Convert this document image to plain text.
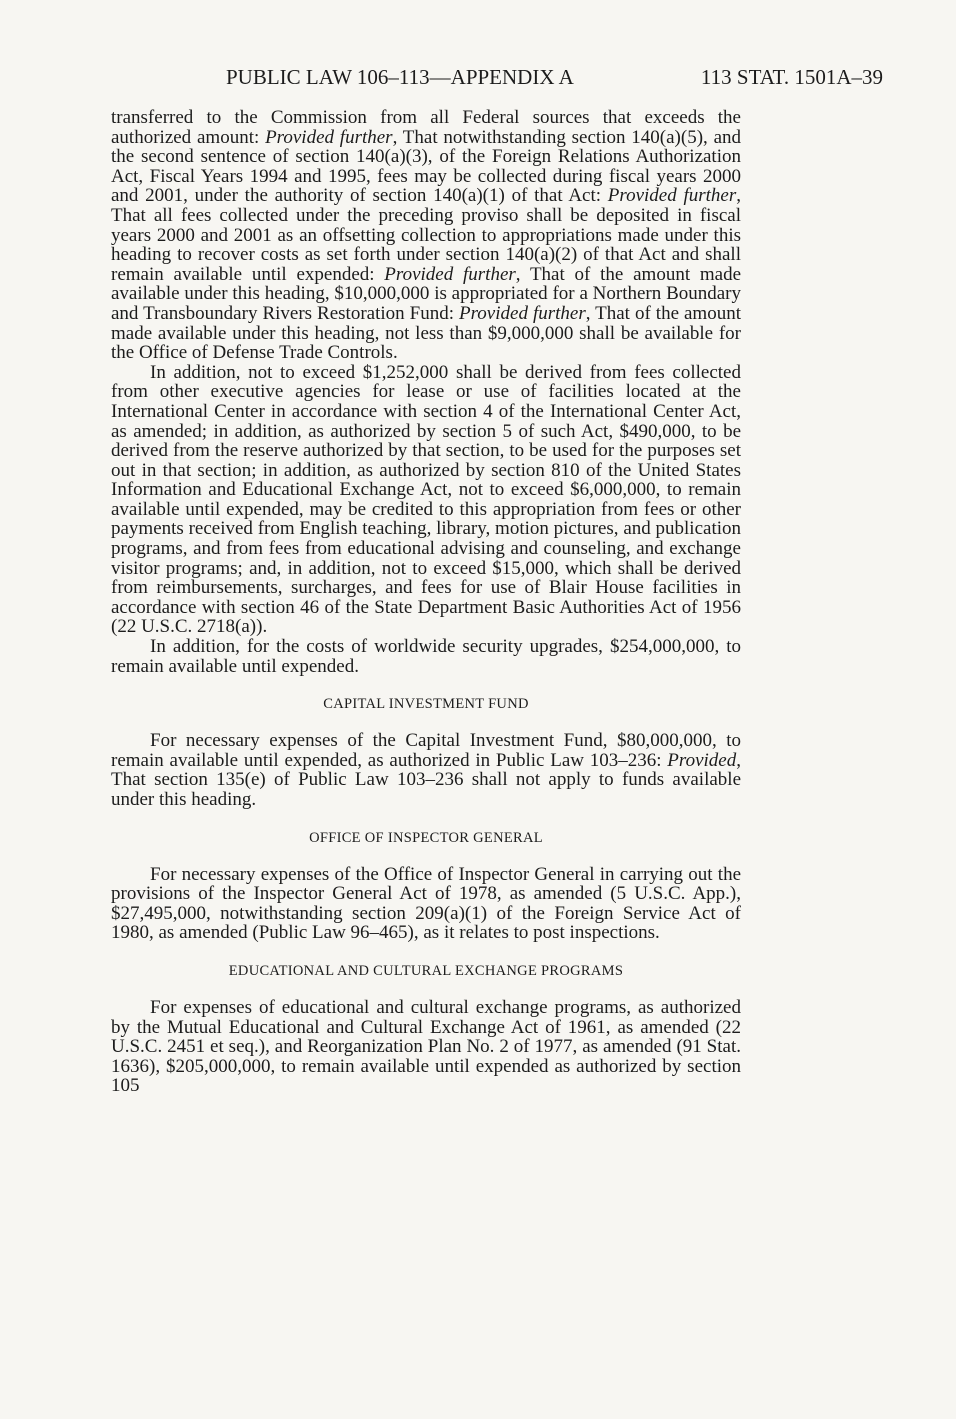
PUBLIC LAW 106–113—APPENDIX A	113 STAT. 1501A–39

transferred to the Commission from all Federal sources that exceeds the authorized amount: Provided further, That notwithstanding section 140(a)(5), and the second sentence of section 140(a)(3), of the Foreign Relations Authorization Act, Fiscal Years 1994 and 1995, fees may be collected during fiscal years 2000 and 2001, under the authority of section 140(a)(1) of that Act: Provided further, That all fees collected under the preceding proviso shall be deposited in fiscal years 2000 and 2001 as an offsetting collection to appropriations made under this heading to recover costs as set forth under section 140(a)(2) of that Act and shall remain available until expended: Provided further, That of the amount made available under this heading, $10,000,000 is appropriated for a Northern Boundary and Transboundary Rivers Restoration Fund: Provided further, That of the amount made available under this heading, not less than $9,000,000 shall be available for the Office of Defense Trade Controls.

In addition, not to exceed $1,252,000 shall be derived from fees collected from other executive agencies for lease or use of facilities located at the International Center in accordance with section 4 of the International Center Act, as amended; in addition, as authorized by section 5 of such Act, $490,000, to be derived from the reserve authorized by that section, to be used for the purposes set out in that section; in addition, as authorized by section 810 of the United States Information and Educational Exchange Act, not to exceed $6,000,000, to remain available until expended, may be credited to this appropriation from fees or other payments received from English teaching, library, motion pictures, and publication programs, and from fees from educational advising and counseling, and exchange visitor programs; and, in addition, not to exceed $15,000, which shall be derived from reimbursements, surcharges, and fees for use of Blair House facilities in accordance with section 46 of the State Department Basic Authorities Act of 1956 (22 U.S.C. 2718(a)).

In addition, for the costs of worldwide security upgrades, $254,000,000, to remain available until expended.

CAPITAL INVESTMENT FUND

For necessary expenses of the Capital Investment Fund, $80,000,000, to remain available until expended, as authorized in Public Law 103–236: Provided, That section 135(e) of Public Law 103–236 shall not apply to funds available under this heading.

OFFICE OF INSPECTOR GENERAL

For necessary expenses of the Office of Inspector General in carrying out the provisions of the Inspector General Act of 1978, as amended (5 U.S.C. App.), $27,495,000, notwithstanding section 209(a)(1) of the Foreign Service Act of 1980, as amended (Public Law 96–465), as it relates to post inspections.

EDUCATIONAL AND CULTURAL EXCHANGE PROGRAMS

For expenses of educational and cultural exchange programs, as authorized by the Mutual Educational and Cultural Exchange Act of 1961, as amended (22 U.S.C. 2451 et seq.), and Reorganization Plan No. 2 of 1977, as amended (91 Stat. 1636), $205,000,000, to remain available until expended as authorized by section 105
